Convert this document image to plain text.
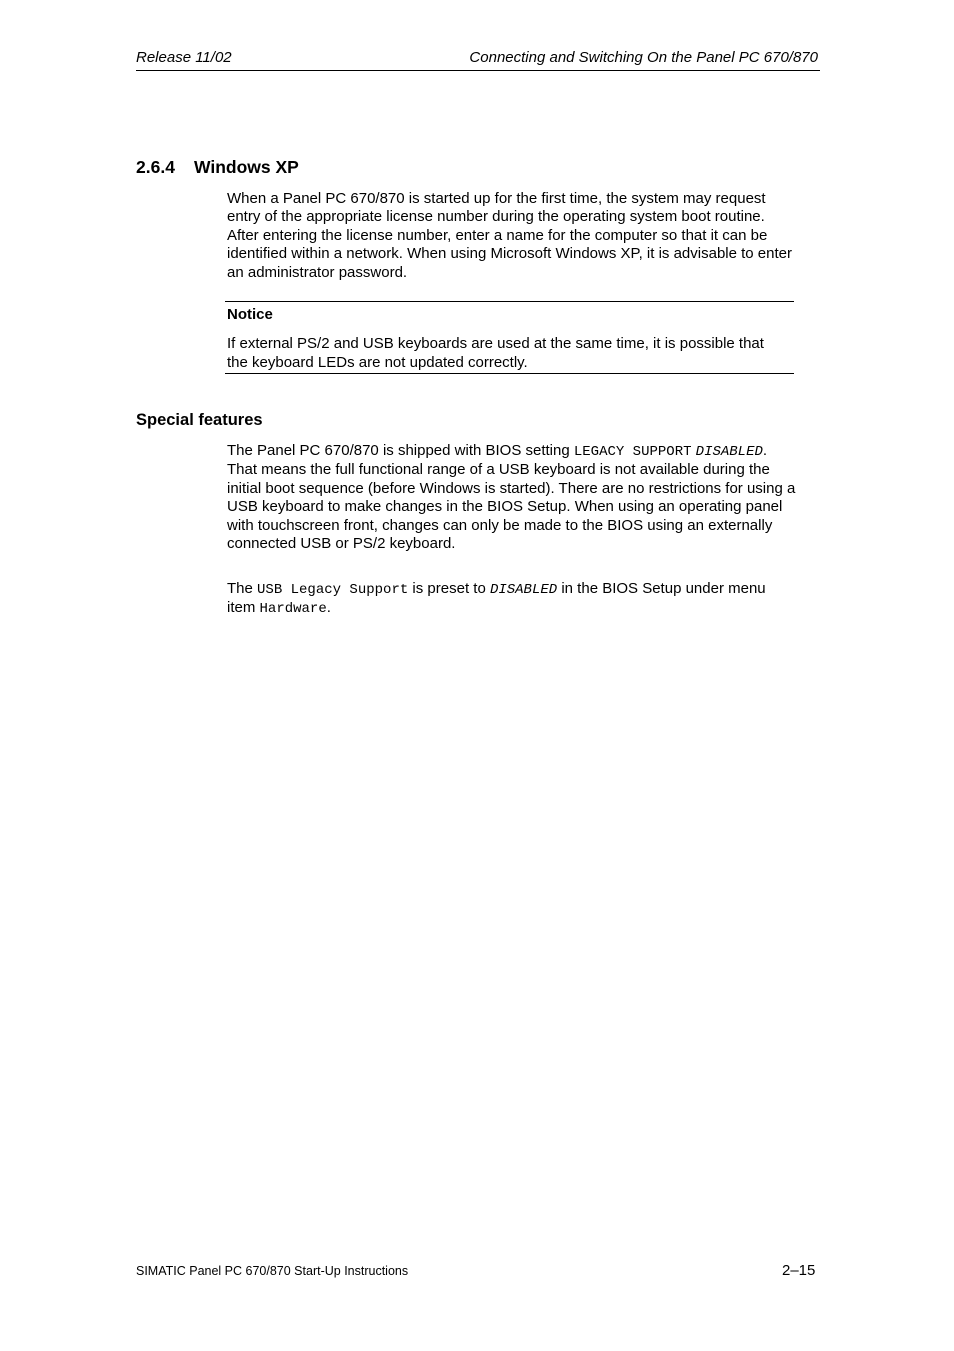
Release 11/02	Connecting and Switching On the Panel PC 670/870
2.6.4 Windows XP
When a Panel PC 670/870 is started up for the first time, the system may request entry of the appropriate license number during the operating system boot routine. After entering the license number, enter a name for the computer so that it can be identified within a network. When using Microsoft Windows XP, it is advisable to enter an administrator password.
Notice
If external PS/2 and USB keyboards are used at the same time, it is possible that the keyboard LEDs are not updated correctly.
Special features
The Panel PC 670/870 is shipped with BIOS setting LEGACY SUPPORT DISABLED. That means the full functional range of a USB keyboard is not available during the initial boot sequence (before Windows is started). There are no restrictions for using a USB keyboard to make changes in the BIOS Setup. When using an operating panel with touchscreen front, changes can only be made to the BIOS using an externally connected USB or PS/2 keyboard.
The USB Legacy Support is preset to DISABLED in the BIOS Setup under menu item Hardware.
SIMATIC Panel PC 670/870 Start-Up Instructions	2–15
